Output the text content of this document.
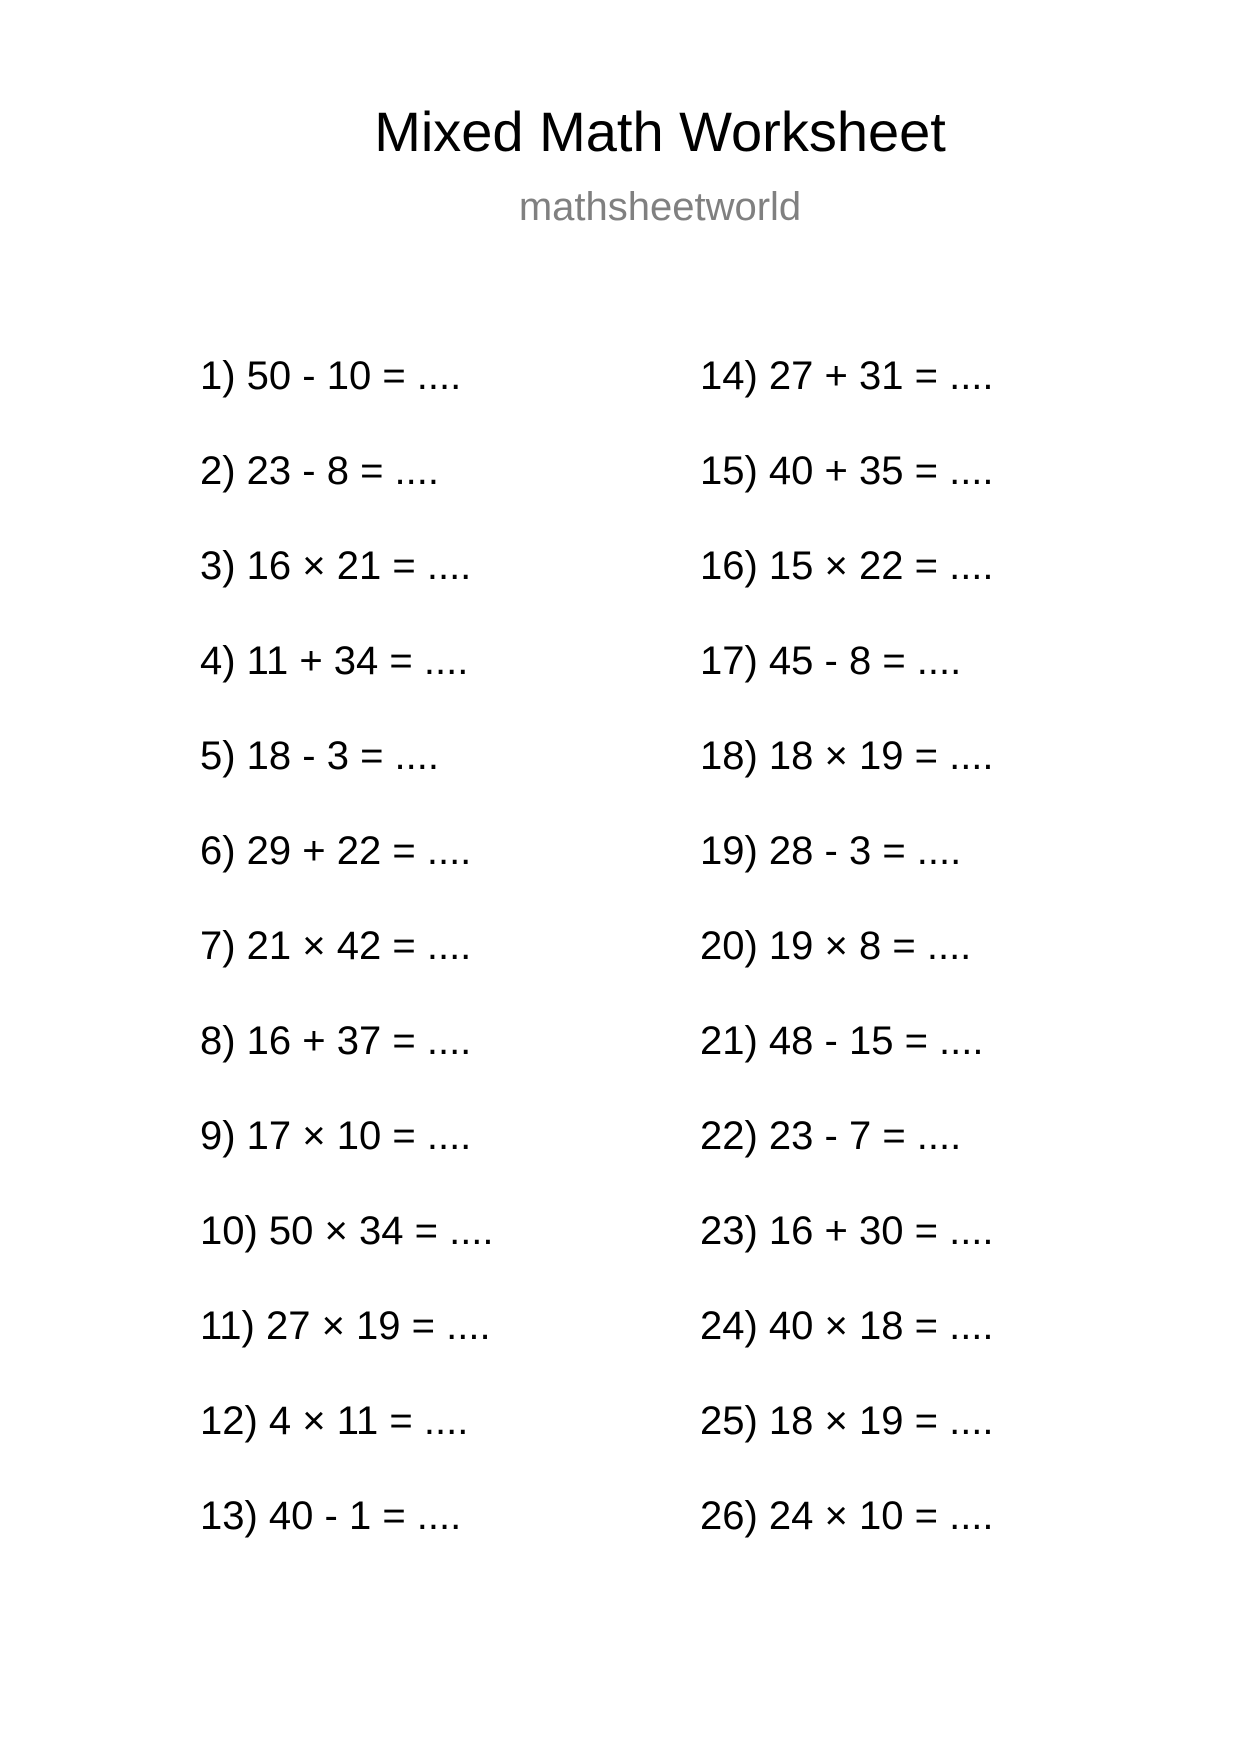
Mixed Math Worksheet
mathsheetworld
1) 50 - 10 = ....
2) 23 - 8 = ....
3) 16 × 21 = ....
4) 11 + 34 = ....
5) 18 - 3 = ....
6) 29 + 22 = ....
7) 21 × 42 = ....
8) 16 + 37 = ....
9) 17 × 10 = ....
10) 50 × 34 = ....
11) 27 × 19 = ....
12) 4 × 11 = ....
13) 40 - 1 = ....
14) 27 + 31 = ....
15) 40 + 35 = ....
16) 15 × 22 = ....
17) 45 - 8 = ....
18) 18 × 19 = ....
19) 28 - 3 = ....
20) 19 × 8 = ....
21) 48 - 15 = ....
22) 23 - 7 = ....
23) 16 + 30 = ....
24) 40 × 18 = ....
25) 18 × 19 = ....
26) 24 × 10 = ....
